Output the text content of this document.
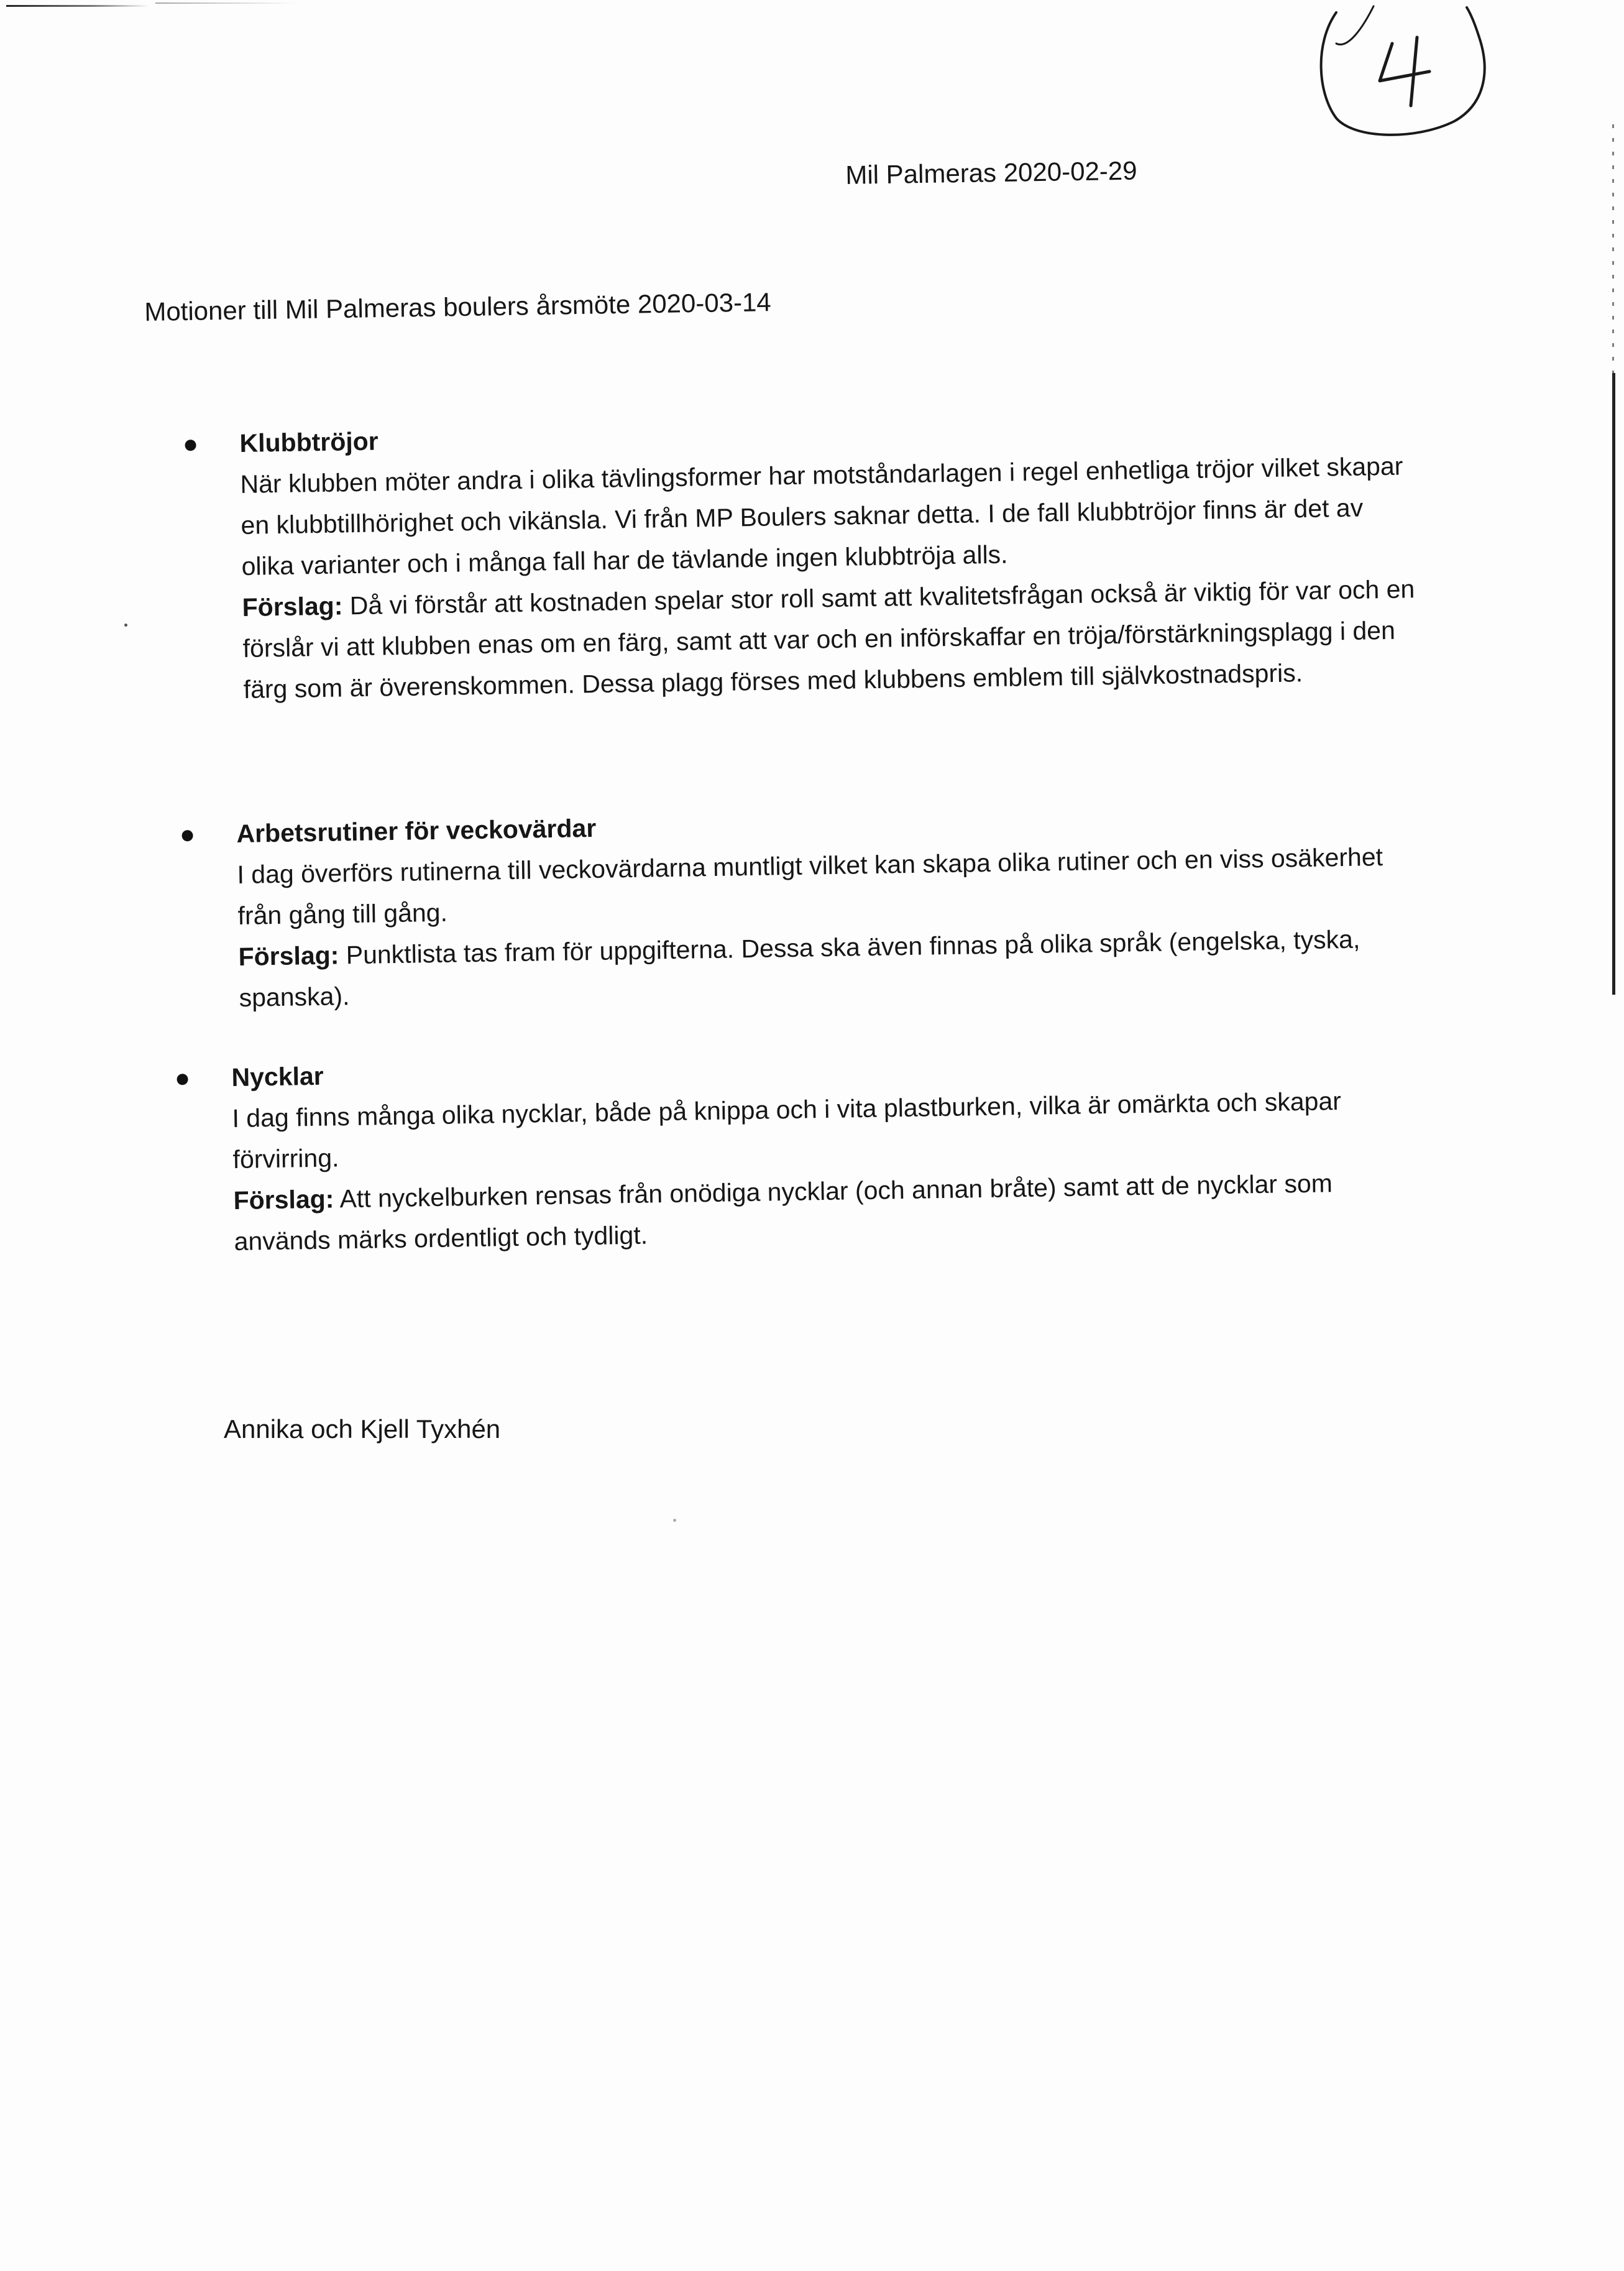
Mil Palmeras 2020-02-29
Motioner till Mil Palmeras boulers årsmöte 2020-03-14
Klubbtröjor

När klubben möter andra i olika tävlingsformer har motståndarlagen i regel enhetliga tröjor vilket skapar en klubbtillhörighet och vikänsla. Vi från MP Boulers saknar detta. I de fall klubbtröjor finns är det av olika varianter och i många fall har de tävlande ingen klubbtröja alls.

Förslag: Då vi förstår att kostnaden spelar stor roll samt att kvalitetsfrågan också är viktig för var och en förslår vi att klubben enas om en färg, samt att var och en införskaffar en tröja/förstärkningsplagg i den färg som är överenskommen. Dessa plagg förses med klubbens emblem till självkostnadspris.

Arbetsrutiner för veckovärdar

I dag överförs rutinerna till veckovärdarna muntligt vilket kan skapa olika rutiner och en viss osäkerhet från gång till gång.

Förslag: Punktlista tas fram för uppgifterna. Dessa ska även finnas på olika språk (engelska, tyska, spanska).

Nycklar

I dag finns många olika nycklar, både på knippa och i vita plastburken, vilka är omärkta och skapar förvirring.

Förslag: Att nyckelburken rensas från onödiga nycklar (och annan bråte) samt att de nycklar som används märks ordentligt och tydligt.

Annika och Kjell Tyxhén
